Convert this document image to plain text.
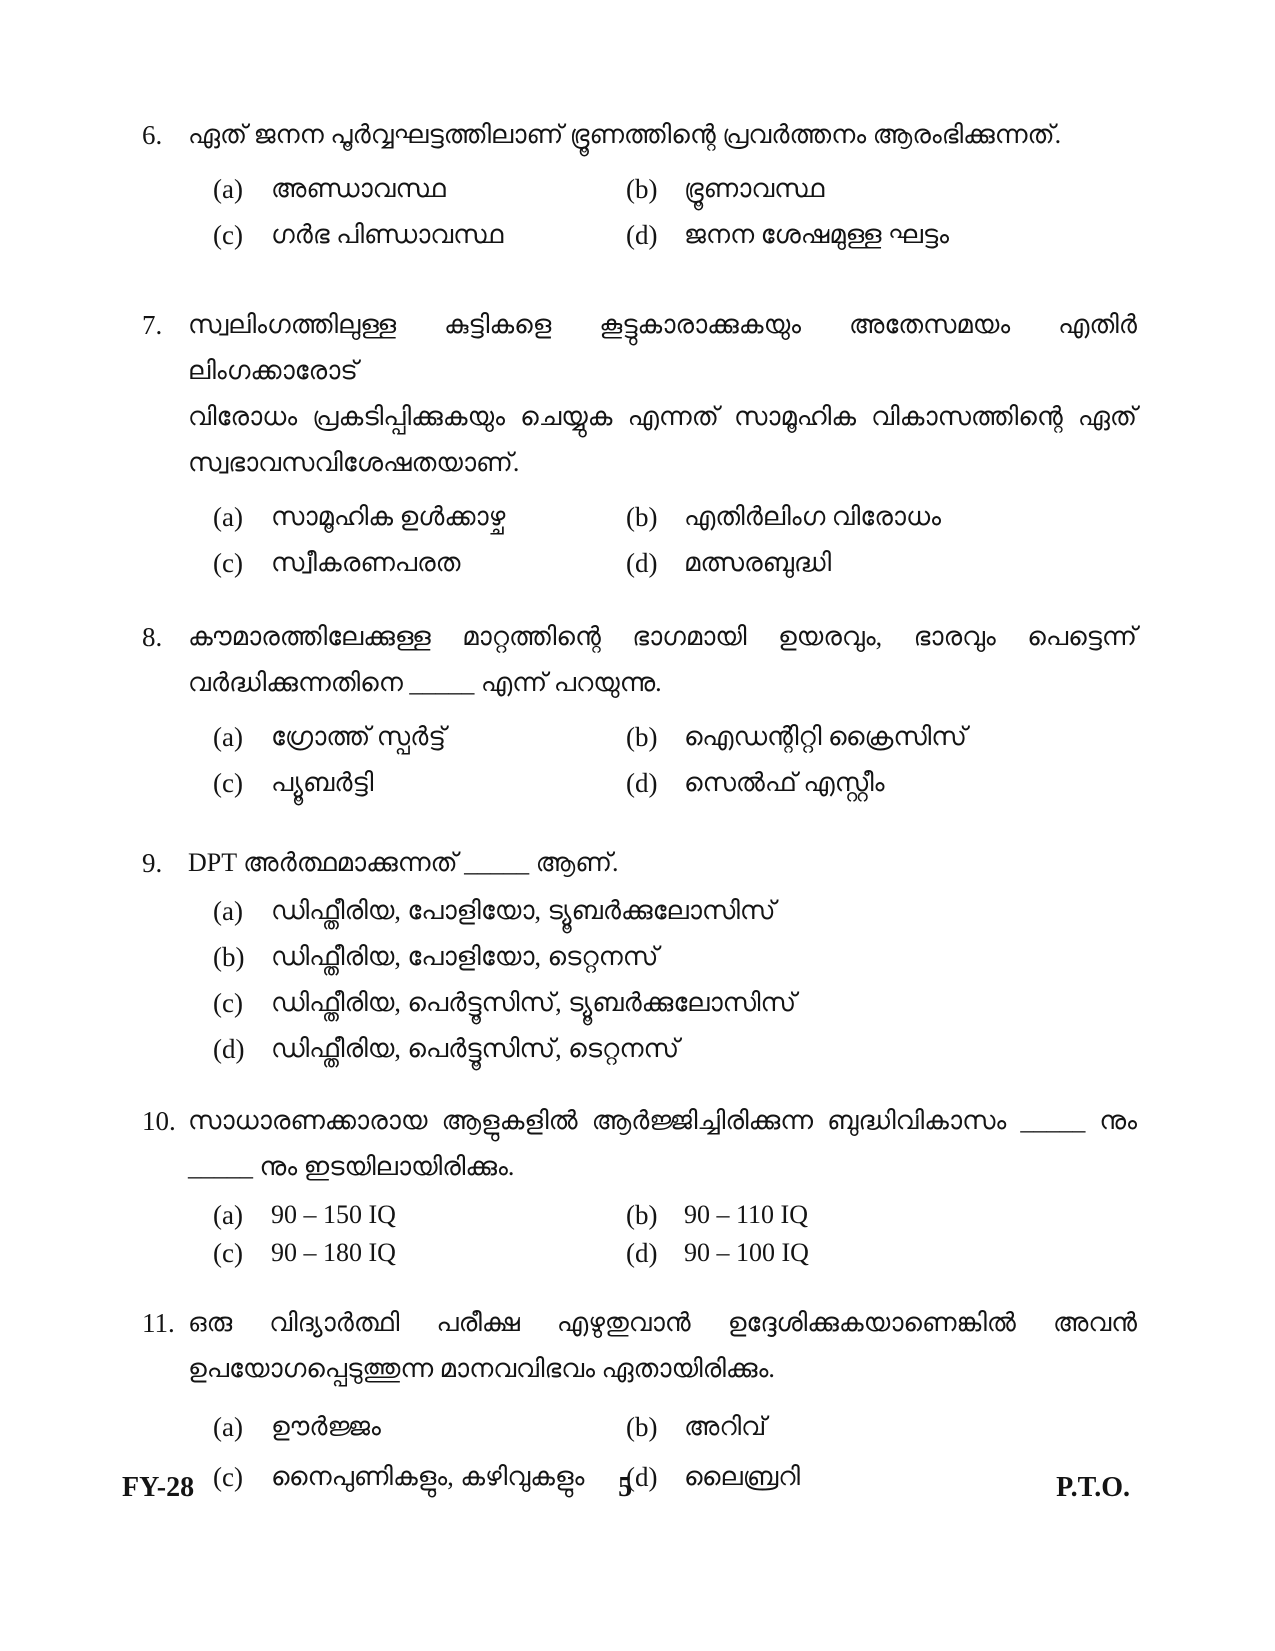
6. ഏത് ജനന പൂർവ്വഘട്ടത്തിലാണ് ഭ്രൂണത്തിന്റെ പ്രവർത്തനം ആരംഭിക്കുന്നത്.
(a)	അണ്ഡാവസ്ഥ	(b)	ഭ്രൂണാവസ്ഥ
(c)	ഗർഭ പിണ്ഡാവസ്ഥ	(d)	ജനന ശേഷമുള്ള ഘട്ടം
7. സ്വലിംഗത്തിലുള്ള കുട്ടികളെ കൂട്ടുകാരാക്കുകയും അതേസമയം എതിർ ലിംഗക്കാരോട്
വിരോധം പ്രകടിപ്പിക്കുകയും ചെയ്യുക എന്നത് സാമൂഹിക വികാസത്തിന്റെ ഏത്
സ്വഭാവസവിശേഷതയാണ്.
(a)	സാമൂഹിക ഉൾക്കാഴ്ച	(b)	എതിർലിംഗ വിരോധം
(c)	സ്വീകരണപരത	(d)	മത്സരബുദ്ധി
8. കൗമാരത്തിലേക്കുള്ള മാറ്റത്തിന്റെ ഭാഗമായി ഉയരവും, ഭാരവും പെട്ടെന്ന്
വർദ്ധിക്കുന്നതിനെ _____ എന്ന് പറയുന്നു.
(a)	ഗ്രോത്ത് സ്പർട്ട്	(b)	ഐഡന്റിറ്റി ക്രൈസിസ്
(c)	പ്യൂബർട്ടി	(d)	സെൽഫ് എസ്റ്റീം
9. DPT അർത്ഥമാക്കുന്നത് _____ ആണ്.
(a)	ഡിഫ്തീരിയ, പോളിയോ, ട്യൂബർക്കുലോസിസ്
(b)	ഡിഫ്തീരിയ, പോളിയോ, ടെറ്റനസ്
(c)	ഡിഫ്തീരിയ, പെർട്ടൂസിസ്, ട്യൂബർക്കുലോസിസ്
(d)	ഡിഫ്തീരിയ, പെർട്ടൂസിസ്, ടെറ്റനസ്
10. സാധാരണക്കാരായ ആളുകളിൽ ആർജ്ജിച്ചിരിക്കുന്ന ബുദ്ധിവികാസം _____ നും
_____ നും ഇടയിലായിരിക്കും.
(a)	90 – 150 IQ	(b)	90 – 110 IQ
(c)	90 – 180 IQ	(d)	90 – 100 IQ
11. ഒരു വിദ്യാർത്ഥി പരീക്ഷ എഴുതുവാൻ ഉദ്ദേശിക്കുകയാണെങ്കിൽ അവൻ
ഉപയോഗപ്പെടുത്തുന്ന മാനവവിഭവം ഏതായിരിക്കും.
(a)	ഊർജ്ജം	(b)	അറിവ്
(c)	നൈപുണികളും, കഴിവുകളും (d)	ലൈബ്രറി
FY-28	5	P.T.O.
